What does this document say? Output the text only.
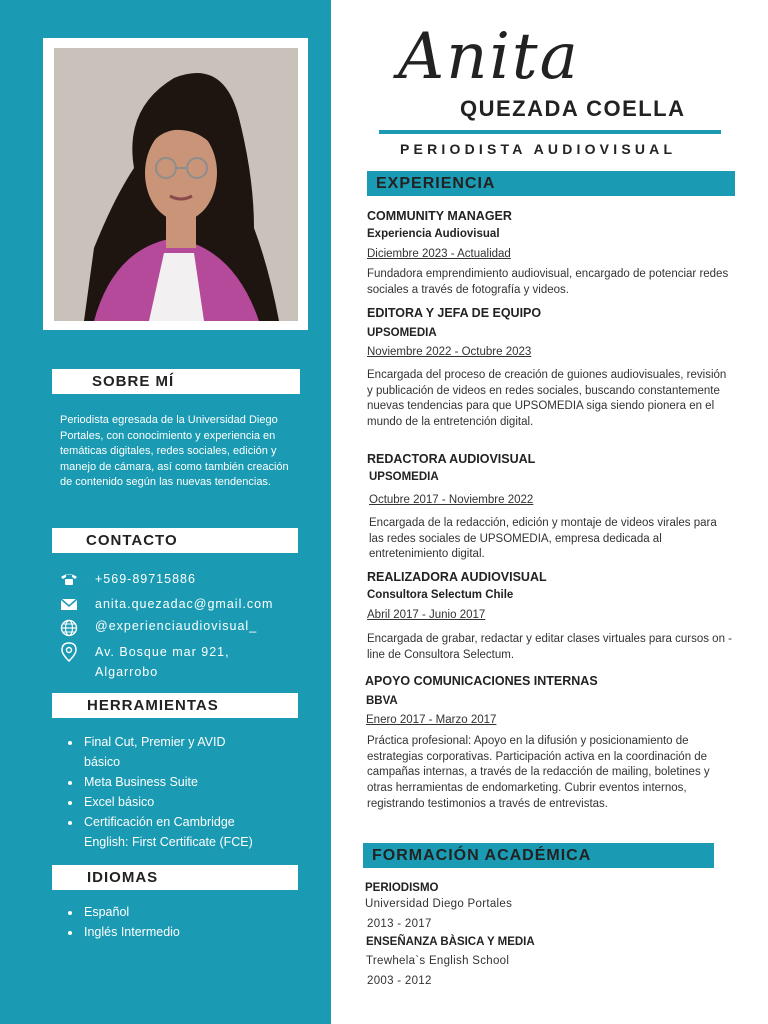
SOBRE MÍ
Periodista egresada de la Universidad Diego Portales, con conocimiento y experiencia en temáticas digitales, redes sociales, edición y manejo de cámara, así como también creación de contenido según las nuevas tendencias.
CONTACTO
+569-89715886
anita.quezadac@gmail.com
@experienciaudiovisual_
Av. Bosque mar 921,
Algarrobo
HERRAMIENTAS
• Final Cut, Premier y AVID
básico
• Meta Business Suite
• Excel básico
• Certificación en Cambridge
English: First Certificate (FCE)
IDIOMAS
• Español
• Inglés Intermedio
Anita
QUEZADA COELLA
PERIODISTA AUDIOVISUAL
EXPERIENCIA
COMMUNITY MANAGER
Experiencia Audiovisual
Diciembre 2023 - Actualidad
Fundadora emprendimiento audiovisual, encargado de potenciar redes sociales a través de fotografía y videos.
EDITORA Y JEFA DE EQUIPO
UPSOMEDIA
Noviembre 2022 - Octubre 2023
Encargada del proceso de creación de guiones audiovisuales, revisión y publicación de videos en redes sociales, buscando constantemente nuevas tendencias para que UPSOMEDIA siga siendo pionera en el mundo de la entretención digital.
REDACTORA AUDIOVISUAL
UPSOMEDIA
Octubre 2017 - Noviembre 2022
Encargada de la redacción, edición y montaje de videos virales para las redes sociales de UPSOMEDIA, empresa dedicada al entretenimiento digital.
REALIZADORA AUDIOVISUAL
Consultora Selectum Chile
Abril 2017 - Junio 2017
Encargada de grabar, redactar y editar clases virtuales para cursos on - line de Consultora Selectum.
APOYO COMUNICACIONES INTERNAS
BBVA
Enero 2017 - Marzo 2017
Práctica profesional: Apoyo en la difusión y posicionamiento de estrategias corporativas. Participación activa en la coordinación de campañas internas, a través de la redacción de mailing, boletines y otras herramientas de endomarketing. Cubrir eventos internos, registrando testimonios a través de entrevistas.
FORMACIÓN ACADÉMICA
PERIODISMO
Universidad Diego Portales
2013 - 2017
ENSEÑANZA BÀSICA Y MEDIA
Trewhela`s English School
2003 - 2012
